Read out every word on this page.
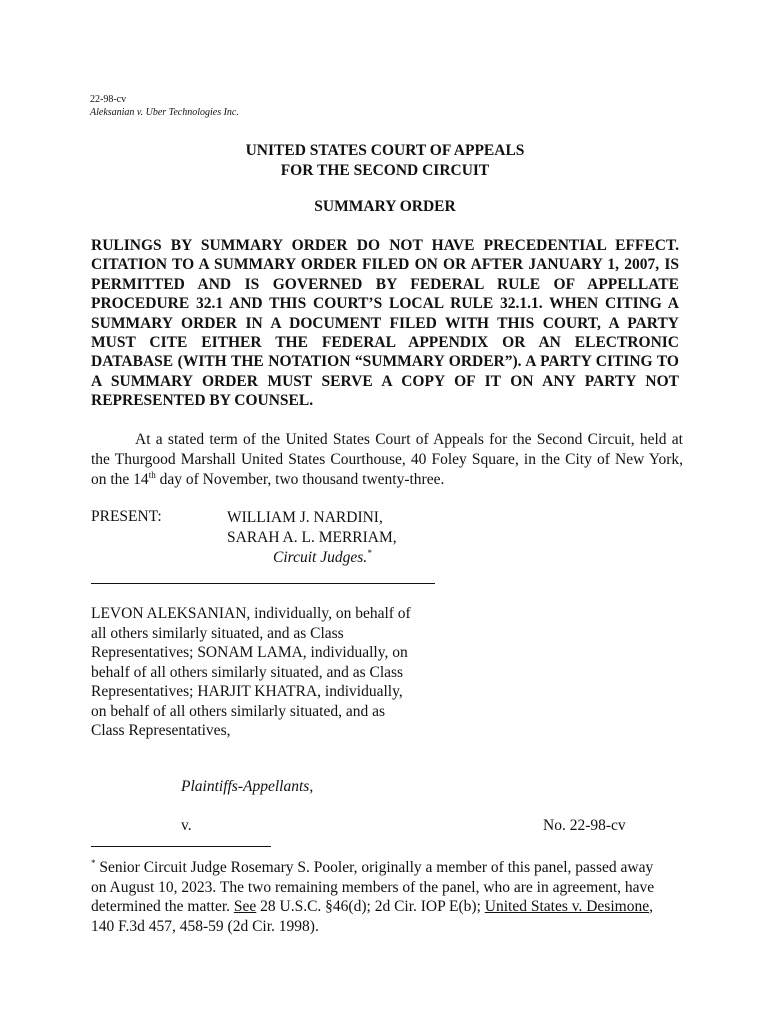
22-98-cv
Aleksanian v. Uber Technologies Inc.
UNITED STATES COURT OF APPEALS
FOR THE SECOND CIRCUIT
SUMMARY ORDER

RULINGS BY SUMMARY ORDER DO NOT HAVE PRECEDENTIAL EFFECT. CITATION TO A SUMMARY ORDER FILED ON OR AFTER JANUARY 1, 2007, IS PERMITTED AND IS GOVERNED BY FEDERAL RULE OF APPELLATE PROCEDURE 32.1 AND THIS COURT’S LOCAL RULE 32.1.1. WHEN CITING A SUMMARY ORDER IN A DOCUMENT FILED WITH THIS COURT, A PARTY MUST CITE EITHER THE FEDERAL APPENDIX OR AN ELECTRONIC DATABASE (WITH THE NOTATION “SUMMARY ORDER”). A PARTY CITING TO A SUMMARY ORDER MUST SERVE A COPY OF IT ON ANY PARTY NOT REPRESENTED BY COUNSEL.

At a stated term of the United States Court of Appeals for the Second Circuit, held at the Thurgood Marshall United States Courthouse, 40 Foley Square, in the City of New York, on the 14th day of November, two thousand twenty-three.

PRESENT:	WILLIAM J. NARDINI,
SARAH A. L. MERRIAM,
Circuit Judges.*

LEVON ALEKSANIAN, individually, on behalf of all others similarly situated, and as Class Representatives; SONAM LAMA, individually, on behalf of all others similarly situated, and as Class Representatives; HARJIT KHATRA, individually, on behalf of all others similarly situated, and as Class Representatives,

Plaintiffs-Appellants,
v.	No. 22-98-cv

* Senior Circuit Judge Rosemary S. Pooler, originally a member of this panel, passed away on August 10, 2023. The two remaining members of the panel, who are in agreement, have determined the matter. See 28 U.S.C. §46(d); 2d Cir. IOP E(b); United States v. Desimone, 140 F.3d 457, 458-59 (2d Cir. 1998).
